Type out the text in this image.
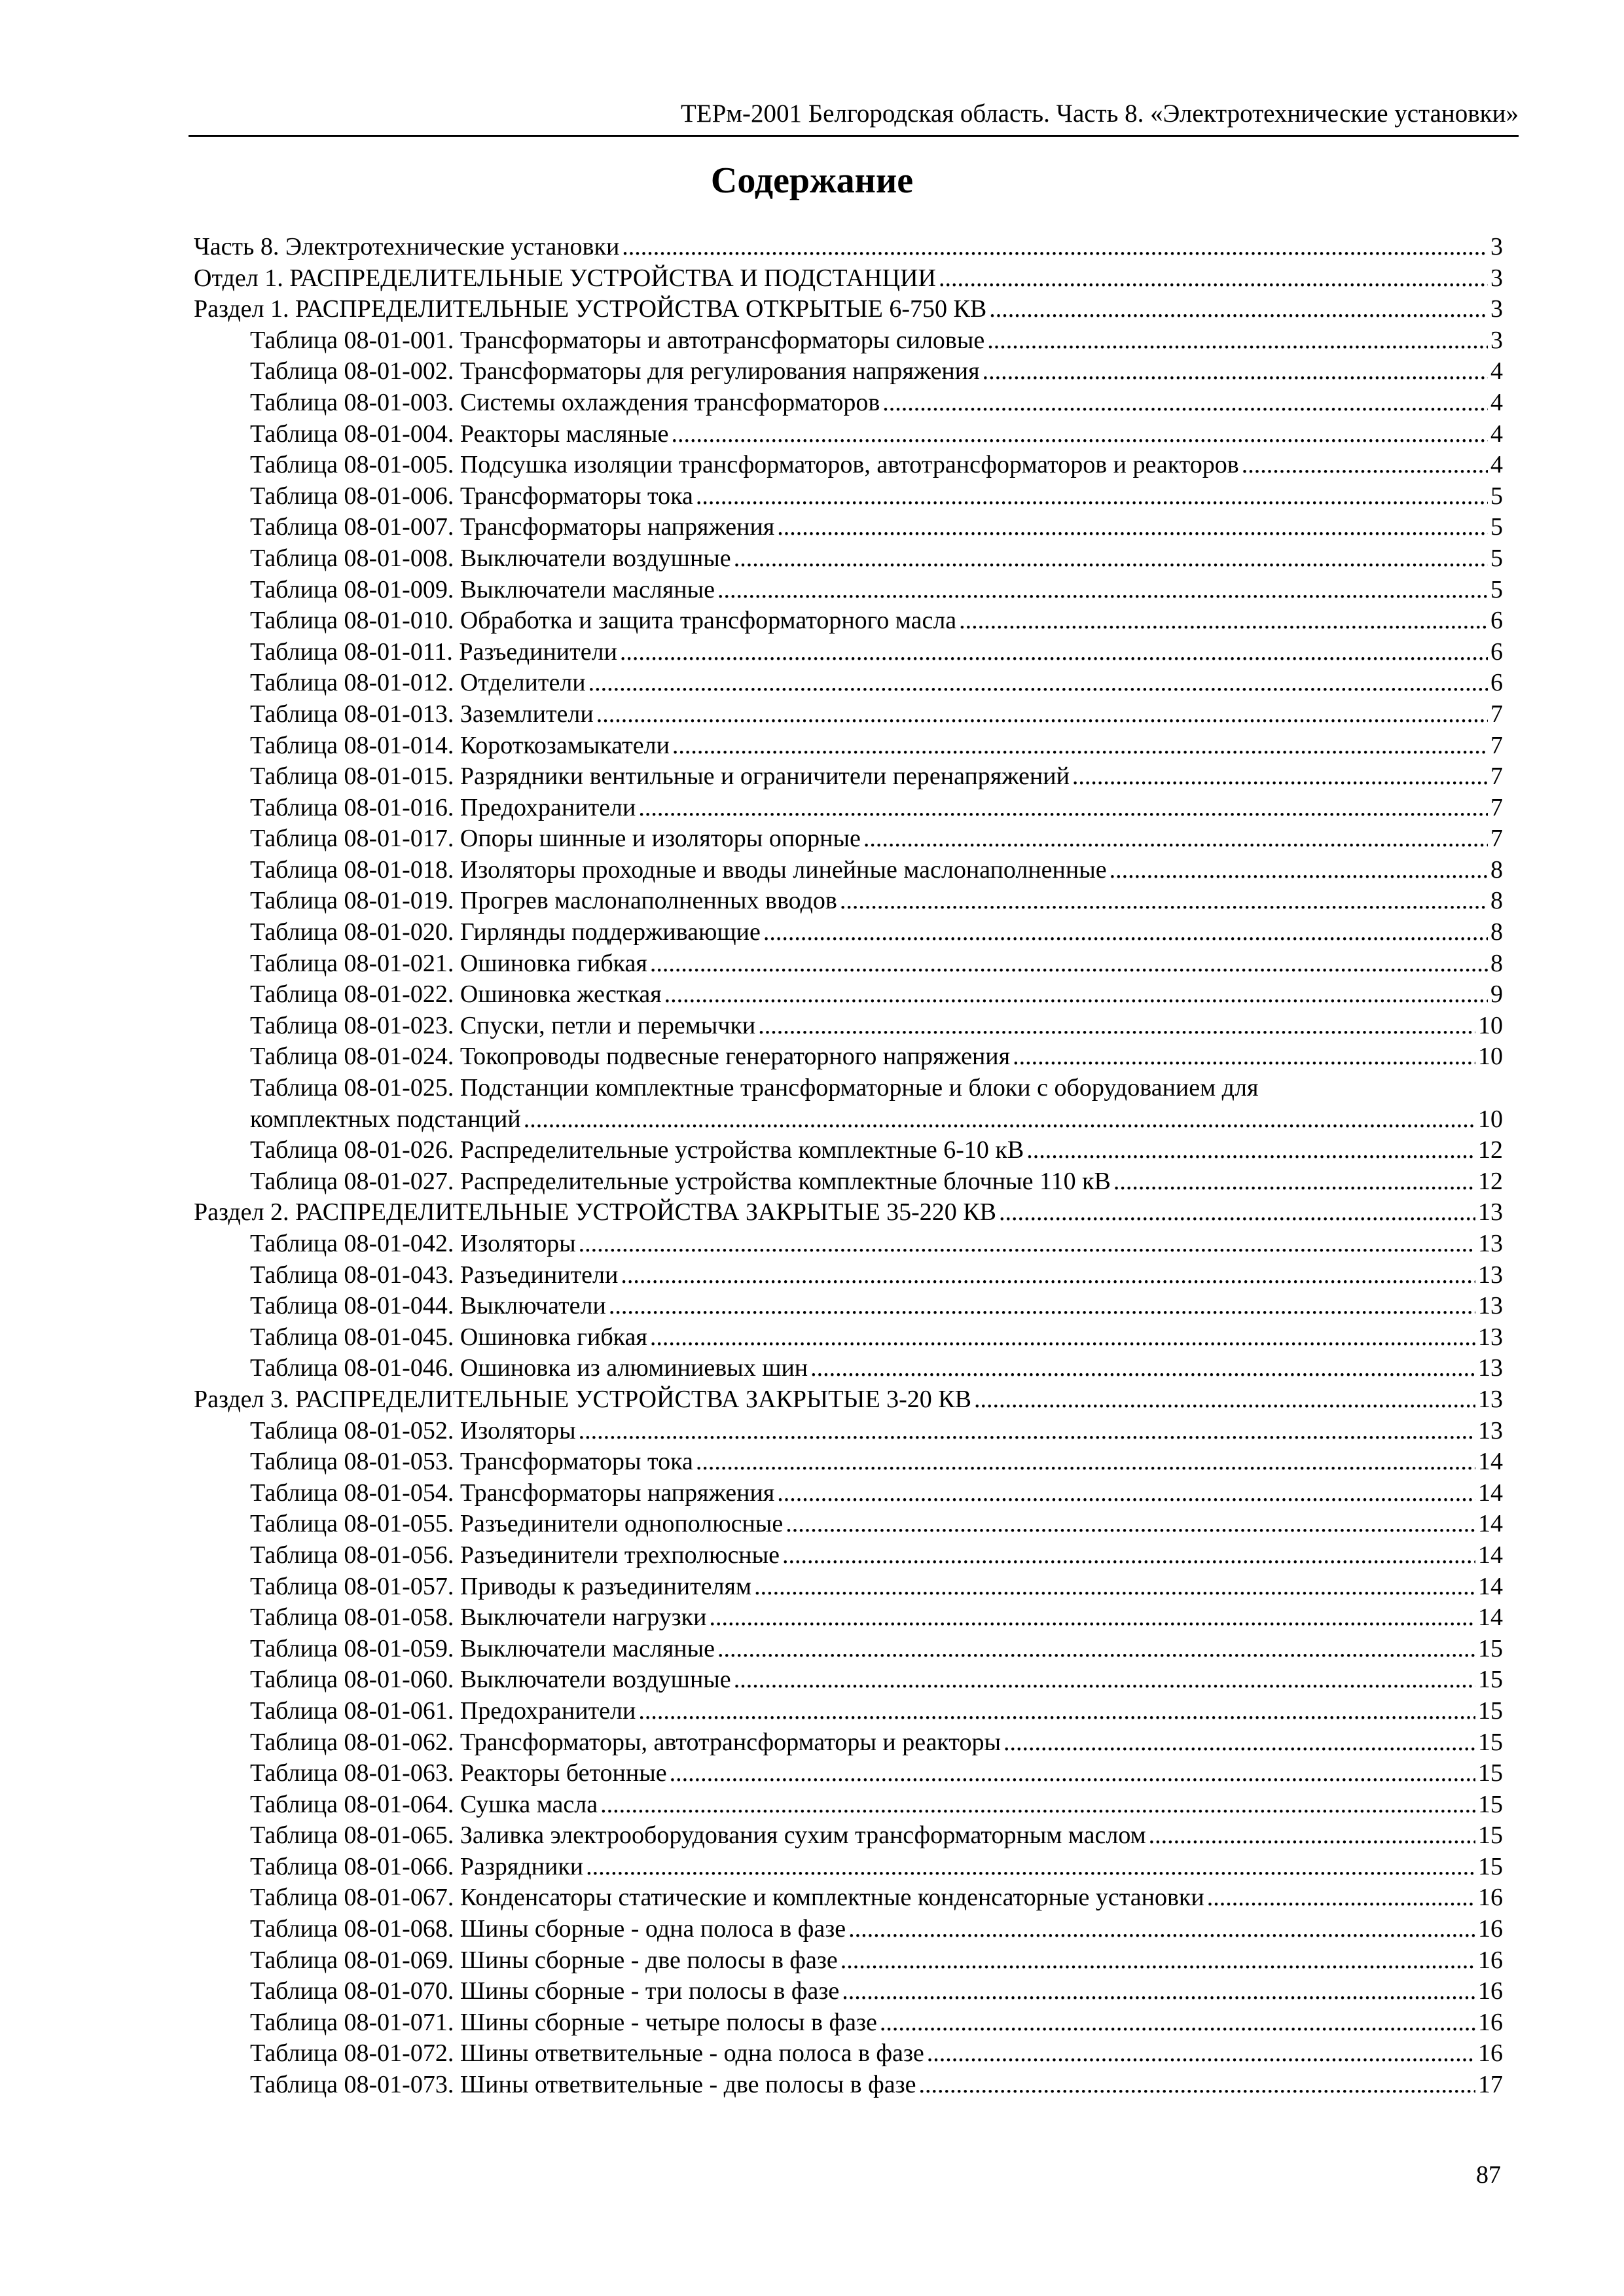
ТЕРм-2001 Белгородская область. Часть 8. «Электротехнические установки»
Содержание
Часть 8. Электротехнические установки .....	3
Отдел 1. РАСПРЕДЕЛИТЕЛЬНЫЕ УСТРОЙСТВА И ПОДСТАНЦИИ .....	3
Раздел 1. РАСПРЕДЕЛИТЕЛЬНЫЕ УСТРОЙСТВА ОТКРЫТЫЕ 6-750 КВ .....	3
Таблица 08-01-001. Трансформаторы и автотрансформаторы силовые .....	3
Таблица 08-01-002. Трансформаторы для регулирования напряжения .....	4
Таблица 08-01-003. Системы охлаждения трансформаторов .....	4
Таблица 08-01-004. Реакторы масляные .....	4
Таблица 08-01-005. Подсушка изоляции трансформаторов, автотрансформаторов и реакторов .....	4
Таблица 08-01-006. Трансформаторы тока .....	5
Таблица 08-01-007. Трансформаторы напряжения .....	5
Таблица 08-01-008. Выключатели воздушные .....	5
Таблица 08-01-009. Выключатели масляные .....	5
Таблица 08-01-010. Обработка и защита трансформаторного масла .....	6
Таблица 08-01-011. Разъединители .....	6
Таблица 08-01-012. Отделители .....	6
Таблица 08-01-013. Заземлители .....	7
Таблица 08-01-014. Короткозамыкатели .....	7
Таблица 08-01-015. Разрядники вентильные и ограничители перенапряжений .....	7
Таблица 08-01-016. Предохранители .....	7
Таблица 08-01-017. Опоры шинные и изоляторы опорные .....	7
Таблица 08-01-018. Изоляторы проходные и вводы линейные маслонаполненные .....	8
Таблица 08-01-019. Прогрев маслонаполненных вводов .....	8
Таблица 08-01-020. Гирлянды поддерживающие .....	8
Таблица 08-01-021. Ошиновка гибкая .....	8
Таблица 08-01-022. Ошиновка жесткая .....	9
Таблица 08-01-023. Спуски, петли и перемычки .....	10
Таблица 08-01-024. Токопроводы подвесные генераторного напряжения .....	10
Таблица 08-01-025. Подстанции комплектные трансформаторные и блоки с оборудованием для
комплектных подстанций .....	10
Таблица 08-01-026. Распределительные устройства комплектные 6-10 кВ .....	12
Таблица 08-01-027. Распределительные устройства комплектные блочные 110 кВ .....	12
Раздел 2. РАСПРЕДЕЛИТЕЛЬНЫЕ УСТРОЙСТВА ЗАКРЫТЫЕ 35-220 КВ .....	13
Таблица 08-01-042. Изоляторы .....	13
Таблица 08-01-043. Разъединители .....	13
Таблица 08-01-044. Выключатели .....	13
Таблица 08-01-045. Ошиновка гибкая .....	13
Таблица 08-01-046. Ошиновка из алюминиевых шин .....	13
Раздел 3. РАСПРЕДЕЛИТЕЛЬНЫЕ УСТРОЙСТВА ЗАКРЫТЫЕ 3-20 КВ .....	13
Таблица 08-01-052. Изоляторы .....	13
Таблица 08-01-053. Трансформаторы тока .....	14
Таблица 08-01-054. Трансформаторы напряжения .....	14
Таблица 08-01-055. Разъединители однополюсные .....	14
Таблица 08-01-056. Разъединители трехполюсные .....	14
Таблица 08-01-057. Приводы к разъединителям .....	14
Таблица 08-01-058. Выключатели нагрузки .....	14
Таблица 08-01-059. Выключатели масляные .....	15
Таблица 08-01-060. Выключатели воздушные .....	15
Таблица 08-01-061. Предохранители .....	15
Таблица 08-01-062. Трансформаторы, автотрансформаторы и реакторы .....	15
Таблица 08-01-063. Реакторы бетонные .....	15
Таблица 08-01-064. Сушка масла .....	15
Таблица 08-01-065. Заливка электрооборудования сухим трансформаторным маслом .....	15
Таблица 08-01-066. Разрядники .....	15
Таблица 08-01-067. Конденсаторы статические и комплектные конденсаторные установки .....	16
Таблица 08-01-068. Шины сборные - одна полоса в фазе .....	16
Таблица 08-01-069. Шины сборные - две полосы в фазе .....	16
Таблица 08-01-070. Шины сборные - три полосы в фазе .....	16
Таблица 08-01-071. Шины сборные - четыре полосы в фазе .....	16
Таблица 08-01-072. Шины ответвительные - одна полоса в фазе .....	16
Таблица 08-01-073. Шины ответвительные - две полосы в фазе .....	17
87
